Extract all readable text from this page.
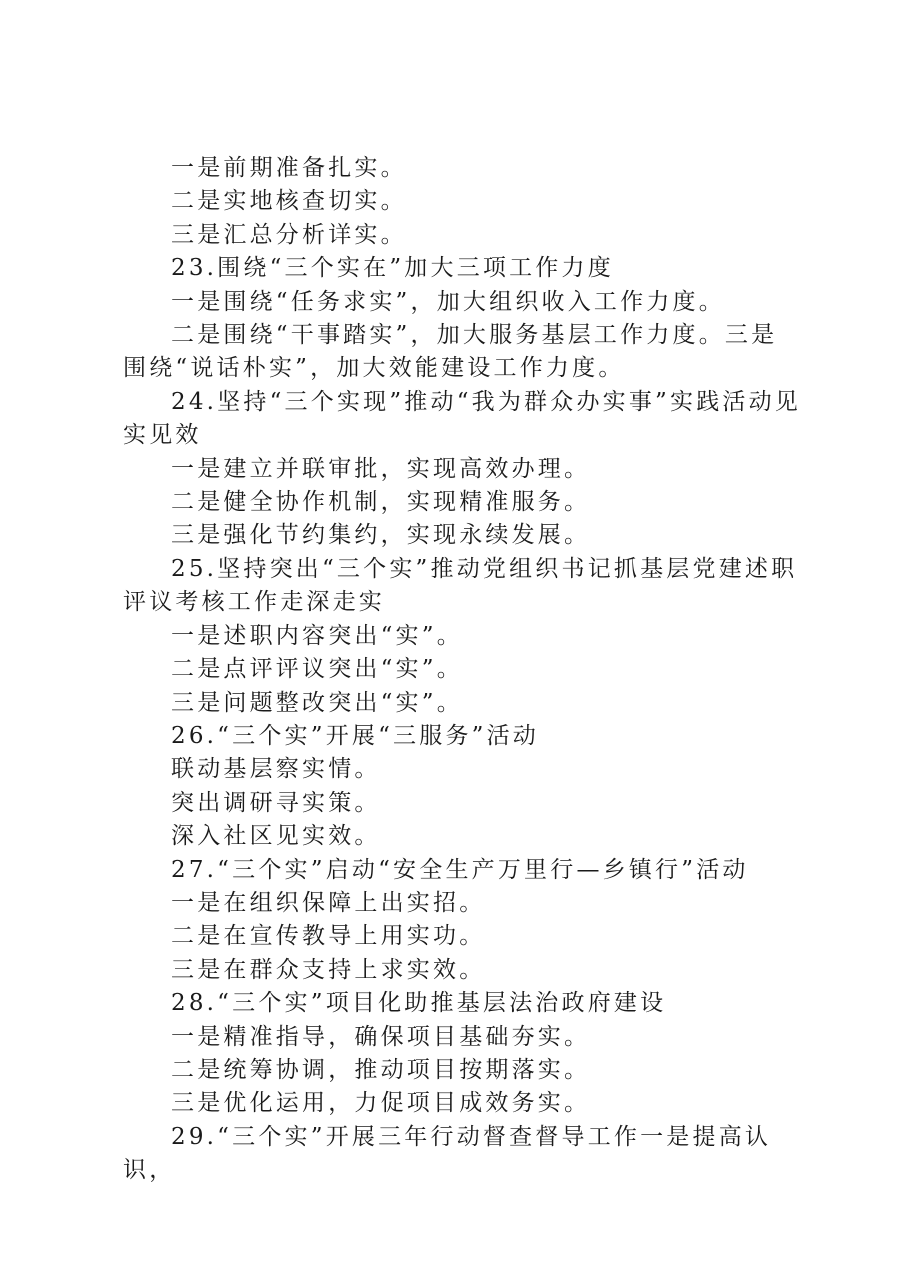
一是前期准备扎实。

二是实地核查切实。

三是汇总分析详实。

23.围绕“三个实在”加大三项工作力度

一是围绕“任务求实”，加大组织收入工作力度。

二是围绕“干事踏实”，加大服务基层工作力度。三是围绕“说话朴实”，加大效能建设工作力度。

24.坚持“三个实现”推动“我为群众办实事”实践活动见实见效

一是建立并联审批，实现高效办理。

二是健全协作机制，实现精准服务。

三是强化节约集约，实现永续发展。

25.坚持突出“三个实”推动党组织书记抓基层党建述职评议考核工作走深走实

一是述职内容突出“实”。

二是点评评议突出“实”。

三是问题整改突出“实”。

26.“三个实”开展“三服务”活动

联动基层察实情。

突出调研寻实策。

深入社区见实效。

27.“三个实”启动“安全生产万里行—乡镇行”活动

一是在组织保障上出实招。

二是在宣传教导上用实功。

三是在群众支持上求实效。

28.“三个实”项目化助推基层法治政府建设

一是精准指导，确保项目基础夯实。

二是统筹协调，推动项目按期落实。

三是优化运用，力促项目成效务实。

29.“三个实”开展三年行动督查督导工作一是提高认识，
